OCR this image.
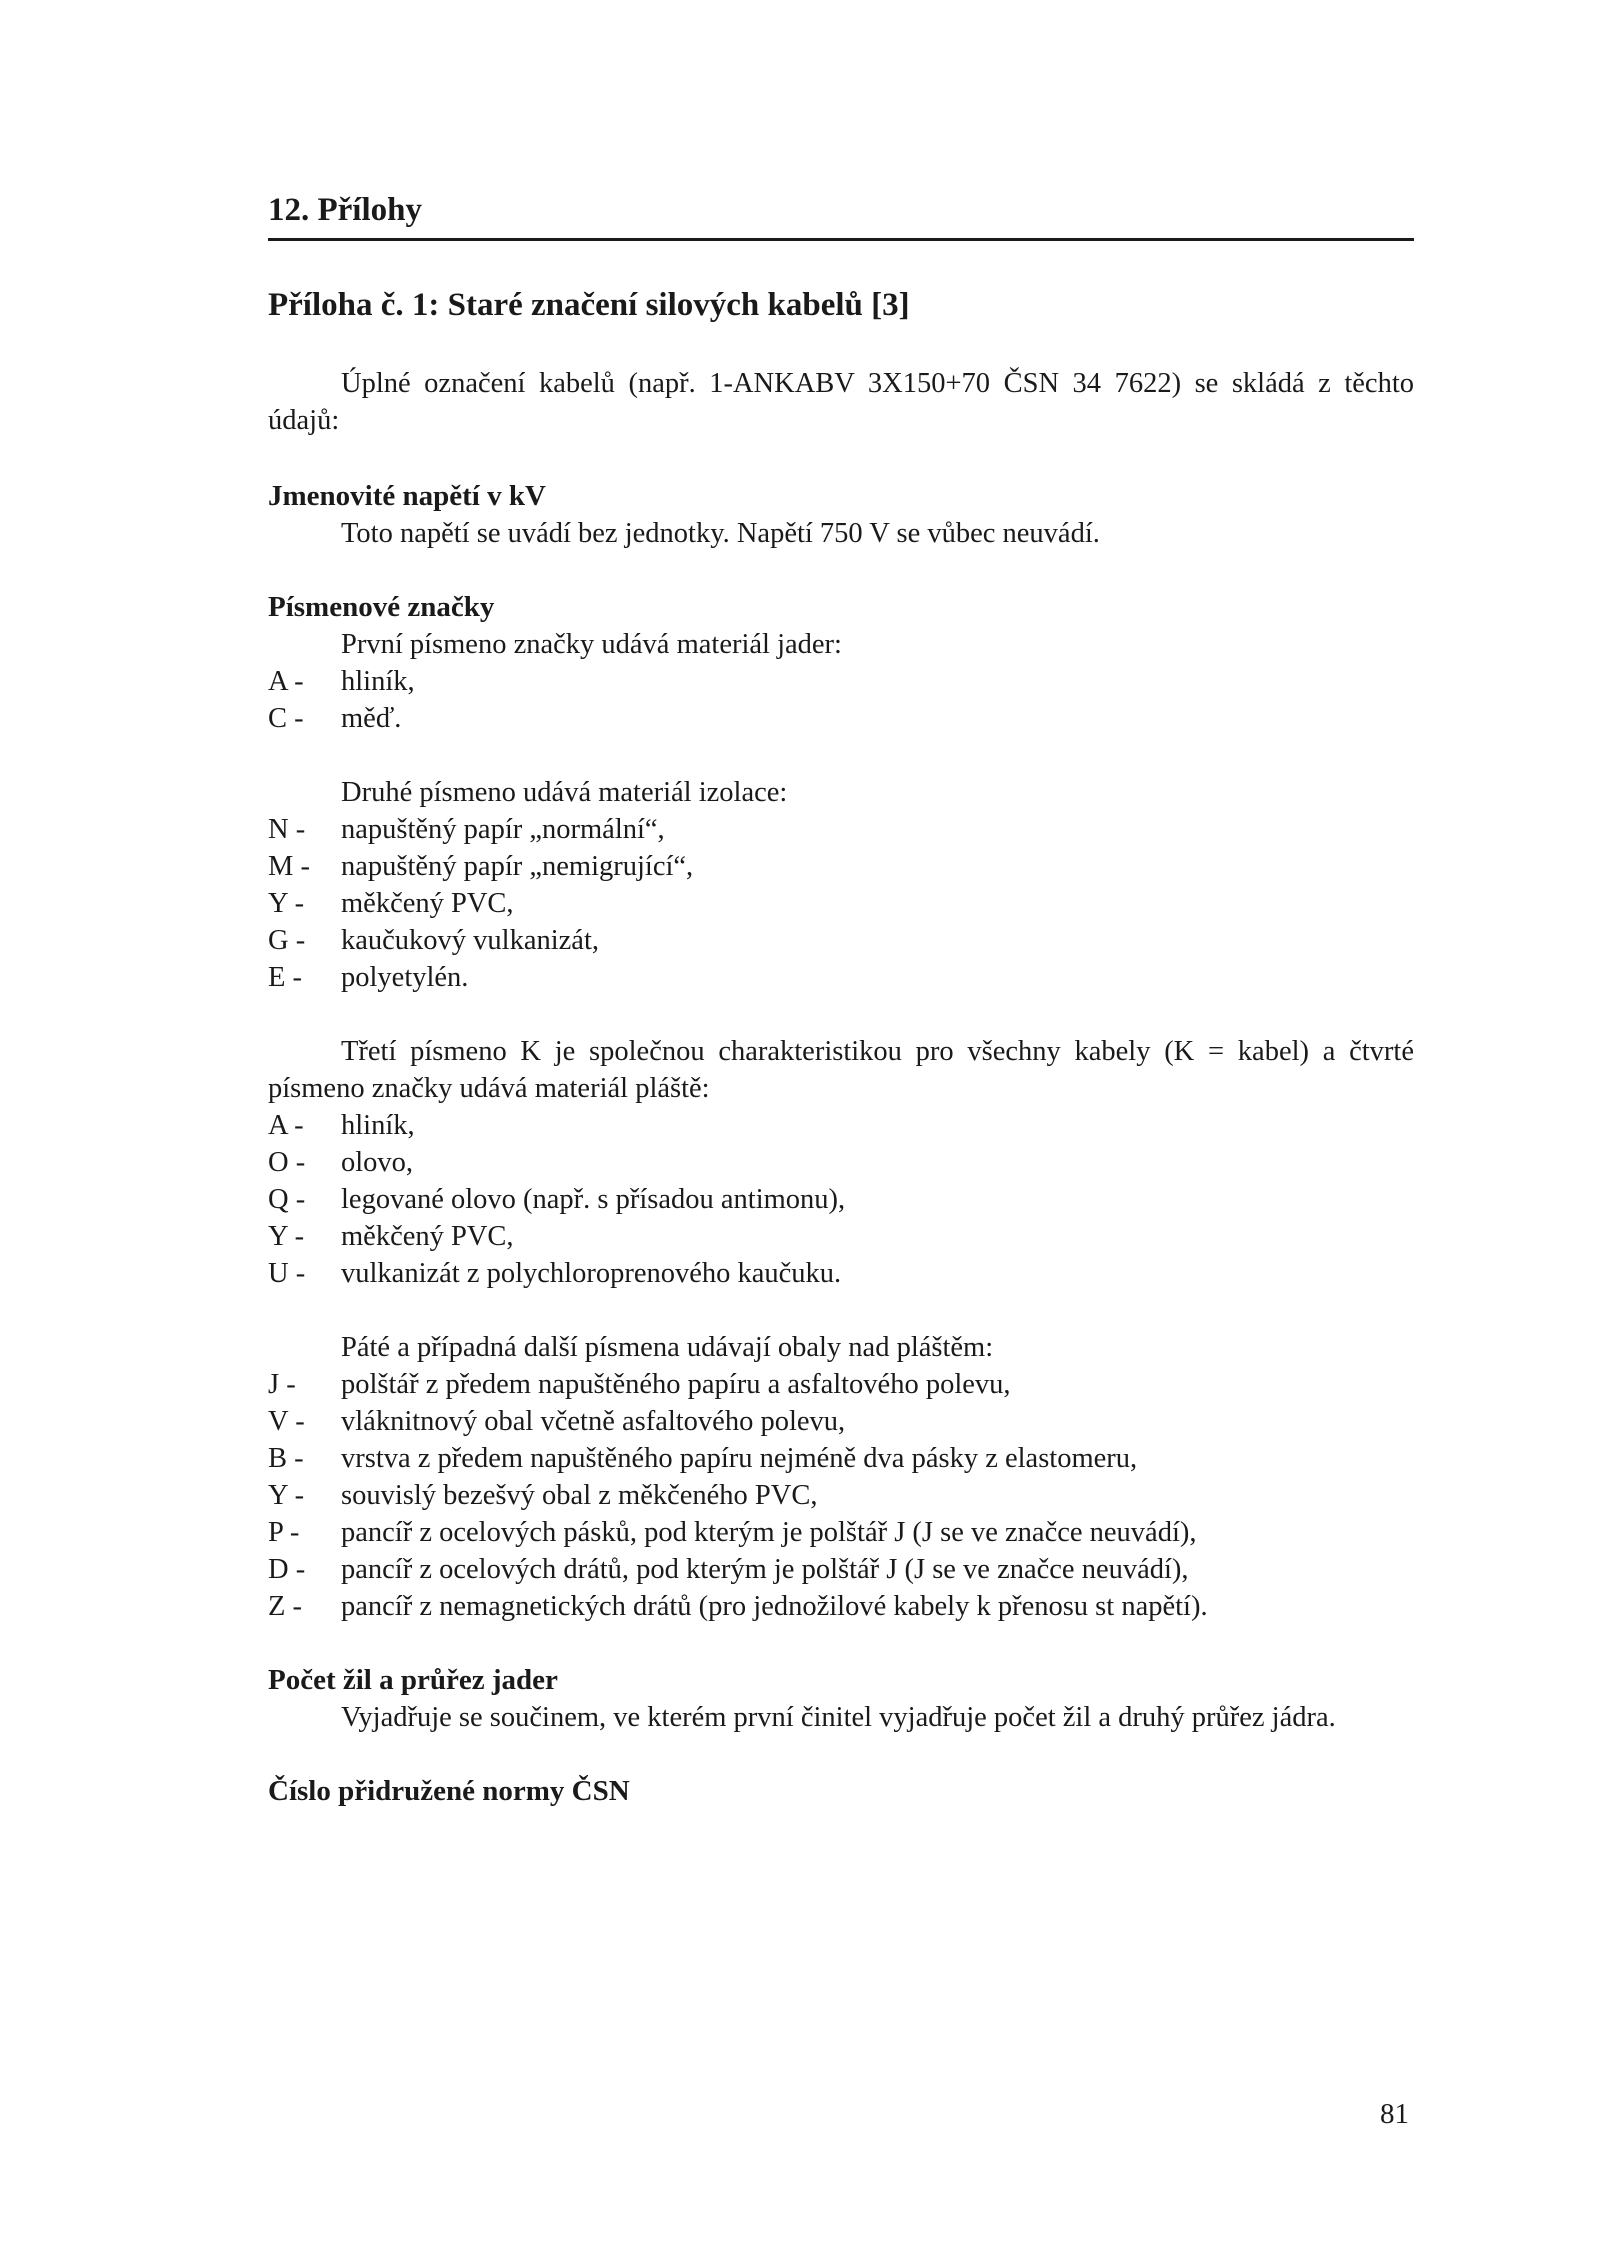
12. Přílohy
Příloha č. 1: Staré značení silových kabelů [3]

Úplné označení kabelů (např. 1-ANKABV 3X150+70 ČSN 34 7622) se skládá z těchto údajů:

Jmenovité napětí v kV

Toto napětí se uvádí bez jednotky. Napětí 750 V se vůbec neuvádí.

Písmenové značky

První písmeno značky udává materiál jader:

A -	hliník,
C -	měď.

Druhé písmeno udává materiál izolace:

N -	napuštěný papír „normální“,
M -	napuštěný papír „nemigrující“,
Y -	měkčený PVC,
G -	kaučukový vulkanizát,
E -	polyetylén.

Třetí písmeno K je společnou charakteristikou pro všechny kabely (K = kabel) a čtvrté písmeno značky udává materiál pláště:

A -	hliník,
O -	olovo,
Q -	legované olovo (např. s přísadou antimonu),
Y -	měkčený PVC,
U -	vulkanizát z polychloroprenového kaučuku.

Páté a případná další písmena udávají obaly nad pláštěm:

J -	polštář z předem napuštěného papíru a asfaltového polevu,
V -	vláknitnový obal včetně asfaltového polevu,
B -	vrstva z předem napuštěného papíru nejméně dva pásky z elastomeru,
Y -	souvislý bezešvý obal z měkčeného PVC,
P -	pancíř z ocelových pásků, pod kterým je polštář J (J se ve značce neuvádí),
D -	pancíř z ocelových drátů, pod kterým je polštář J (J se ve značce neuvádí),
Z -	pancíř z nemagnetických drátů (pro jednožilové kabely k přenosu st napětí).
Počet žil a průřez jader

Vyjadřuje se součinem, ve kterém první činitel vyjadřuje počet žil a druhý průřez jádra.

Číslo přidružené normy ČSN
81
